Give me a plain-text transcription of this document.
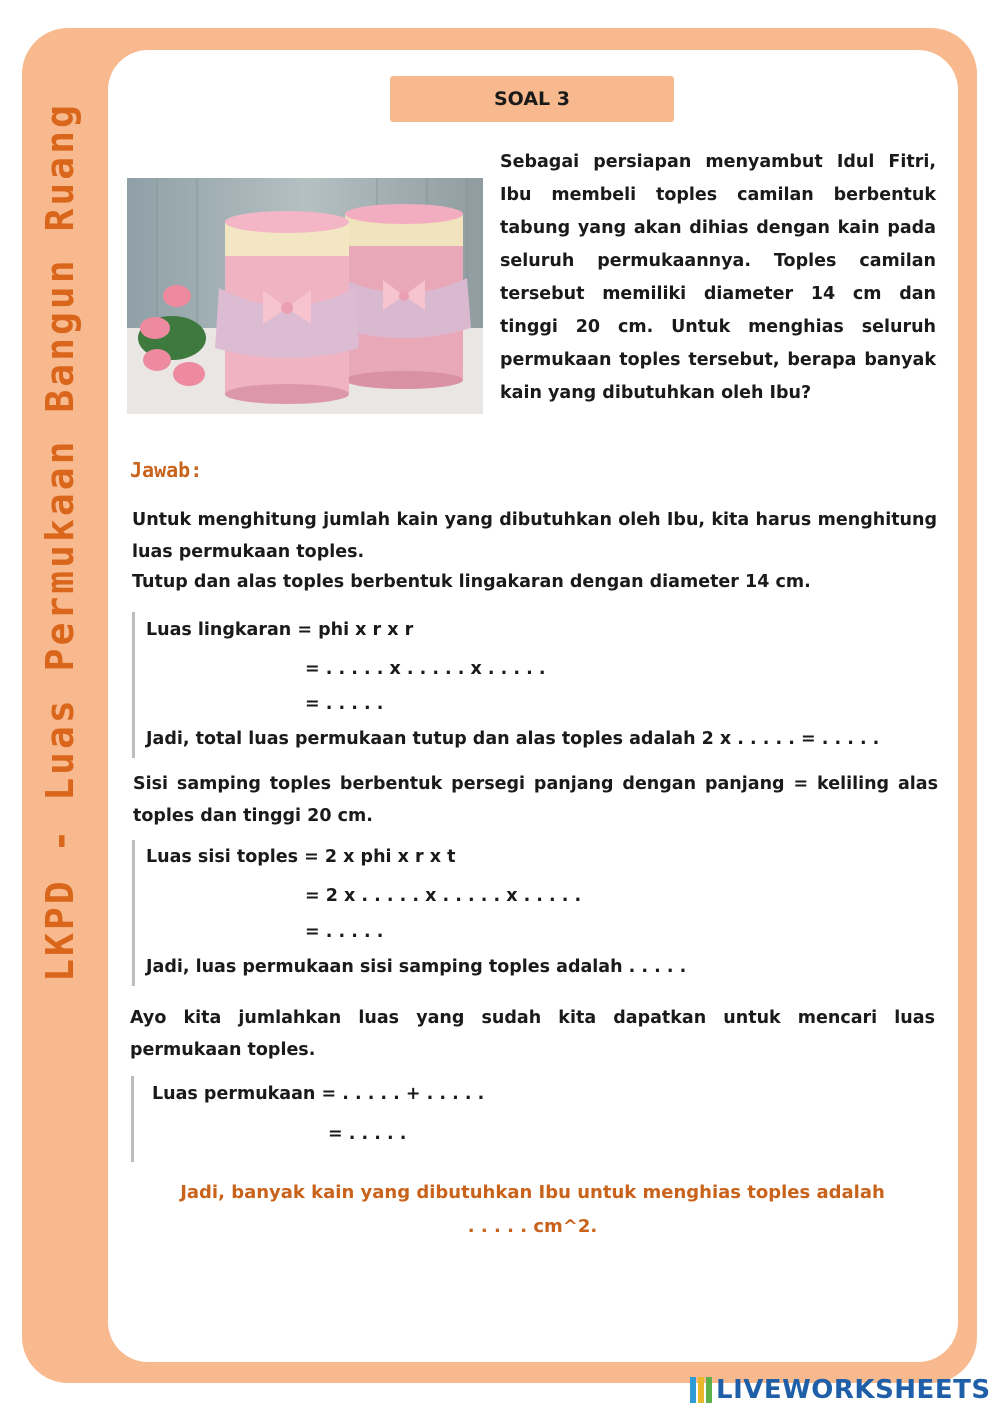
LKPD - Luas Permukaan Bangun Ruang
SOAL 3

Sebagai persiapan menyambut Idul Fitri, Ibu membeli toples camilan berbentuk tabung yang akan dihias dengan kain pada seluruh permukaannya. Toples camilan tersebut memiliki diameter 14 cm dan tinggi 20 cm. Untuk menghias seluruh permukaan toples tersebut, berapa banyak kain yang dibutuhkan oleh Ibu?

Jawab:

Untuk menghitung jumlah kain yang dibutuhkan oleh Ibu, kita harus menghitung luas permukaan toples.

Tutup dan alas toples berbentuk lingakaran dengan diameter 14 cm.
Luas lingkaran = phi x r x r
= . . . . . x . . . . . x . . . . .
= . . . . .
Jadi, total luas permukaan tutup dan alas toples adalah 2 x . . . . . = . . . . .

Sisi samping toples berbentuk persegi panjang dengan panjang = keliling alas toples dan tinggi 20 cm.

Luas sisi toples = 2 x phi x r x t
= 2 x . . . . . x . . . . . x . . . . .
= . . . . .
Jadi, luas permukaan sisi samping toples adalah . . . . .

Ayo kita jumlahkan luas yang sudah kita dapatkan untuk mencari luas permukaan toples.

Luas permukaan = . . . . . + . . . . .
= . . . . .
Jadi, banyak kain yang dibutuhkan Ibu untuk menghias toples adalah
. . . . . cm^2.
LIVEWORKSHEETS
